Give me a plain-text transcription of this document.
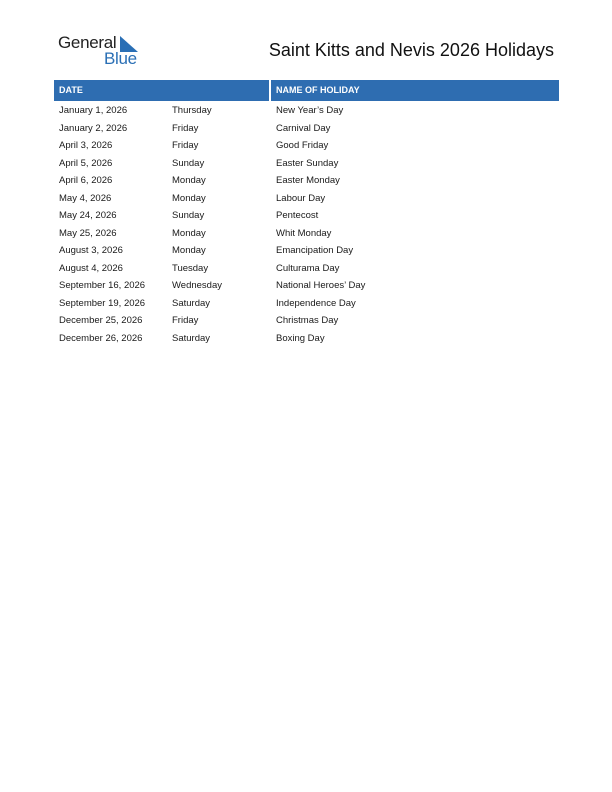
General
Blue	Saint Kitts and Nevis 2026 Holidays
DATE	NAME OF HOLIDAY
January 1, 2026	Thursday	New Year’s Day
January 2, 2026	Friday	Carnival Day
April 3, 2026	Friday	Good Friday
April 5, 2026	Sunday	Easter Sunday
April 6, 2026	Monday	Easter Monday
May 4, 2026	Monday	Labour Day
May 24, 2026	Sunday	Pentecost
May 25, 2026	Monday	Whit Monday
August 3, 2026	Monday	Emancipation Day
August 4, 2026	Tuesday	Culturama Day
September 16, 2026	Wednesday	National Heroes’ Day
September 19, 2026	Saturday	Independence Day
December 25, 2026	Friday	Christmas Day
December 26, 2026	Saturday	Boxing Day
